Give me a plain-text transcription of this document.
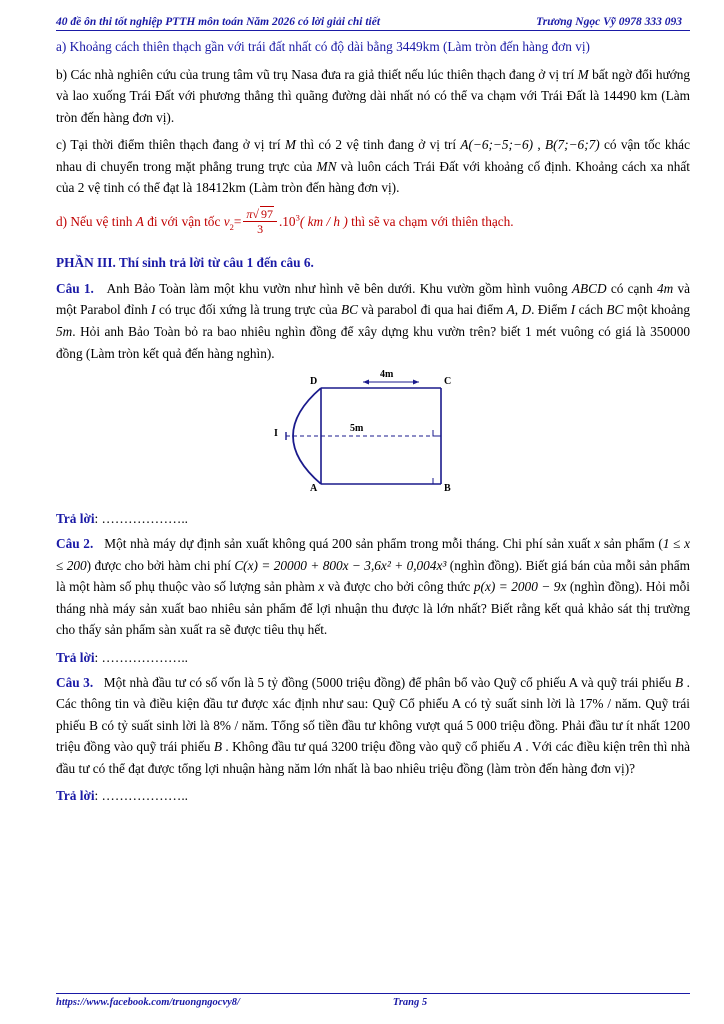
40 đề ôn thi tốt nghiệp PTTH môn toán Năm 2026 có lời giải chi tiết	Trương Ngọc Vỹ 0978 333 093

a) Khoảng cách thiên thạch gần với trái đất nhất có độ dài bằng 3449km (Làm tròn đến hàng đơn vị)

b) Các nhà nghiên cứu của trung tâm vũ trụ Nasa đưa ra giả thiết nếu lúc thiên thạch đang ở vị trí M bất ngờ đổi hướng và lao xuống Trái Đất với phương thẳng thì quãng đường dài nhất nó có thể va chạm với Trái Đất là 14490 km (Làm tròn đến hàng đơn vị).

c) Tại thời điểm thiên thạch đang ở vị trí M thì có 2 vệ tinh đang ở vị trí A(−6;−5;−6) , B(7;−6;7) có vận tốc khác nhau di chuyển trong mặt phẳng trung trực của MN và luôn cách Trái Đất với khoảng cố định. Khoảng cách xa nhất của 2 vệ tinh có thể đạt là 18412km (Làm tròn đến hàng đơn vị).

d) Nếu vệ tinh A đi với vận tốc $v_2= \frac{\pi√ 97}{3} .10^3$( km / h ) thì sẽ va chạm với thiên thạch.

PHẦN III. Thí sinh trả lời từ câu 1 đến câu 6.

Câu 1. Anh Bảo Toàn làm một khu vườn như hình vẽ bên dưới. Khu vườn gồm hình vuông ABCD có cạnh 4m và một Parabol đỉnh I có trục đối xứng là trung trực của BC và parabol đi qua hai điểm A, D. Điểm I cách BC một khoảng 5m. Hỏi anh Bảo Toàn bỏ ra bao nhiêu nghìn đồng để xây dựng khu vườn trên? biết 1 mét vuông có giá là 350000 đồng (Làm tròn kết quả đến hàng nghìn).

D	C
A	B
I
4m
5m
Trả lời: ………………..

Câu 2. Một nhà máy dự định sản xuất không quá 200 sản phẩm trong mỗi tháng. Chi phí sản xuất x sản phẩm (1 ≤ x ≤ 200) được cho bởi hàm chi phí C(x) = 20000 + 800x − 3,6x² + 0,004x³ (nghìn đồng). Biết giá bán của mỗi sản phẩm là một hàm số phụ thuộc vào số lượng sản phàm x và được cho bởi công thức p(x) = 2000 − 9x (nghìn đồng). Hỏi mỗi tháng nhà máy sản xuất bao nhiêu sản phẩm để lợi nhuận thu được là lớn nhất? Biết rằng kết quả khảo sát thị trường cho thấy sản phẩm sàn xuất ra sẽ được tiêu thụ hết.

Trả lời: ………………..

Câu 3. Một nhà đầu tư có số vốn là 5 tỷ đồng (5000 triệu đồng) để phân bổ vào Quỹ cổ phiếu A và quỹ trái phiếu B . Các thông tin và điều kiện đầu tư được xác định như sau: Quỹ Cổ phiếu A có tỷ suất sinh lời là 17% / năm. Quỹ trái phiếu B có tỷ suất sinh lời là 8% / năm. Tổng số tiền đầu tư không vượt quá 5 000 triệu đồng. Phải đầu tư ít nhất 1200 triệu đồng vào quỹ trái phiếu B . Không đầu tư quá 3200 triệu đồng vào quỹ cổ phiếu A . Với các điều kiện trên thì nhà đầu tư có thể đạt được tổng lợi nhuận hàng năm lớn nhất là bao nhiêu triệu đồng (làm tròn đến hàng đơn vị)?

Trả lời: ………………..
https://www.facebook.com/truongngocvy8/	Trang 5
